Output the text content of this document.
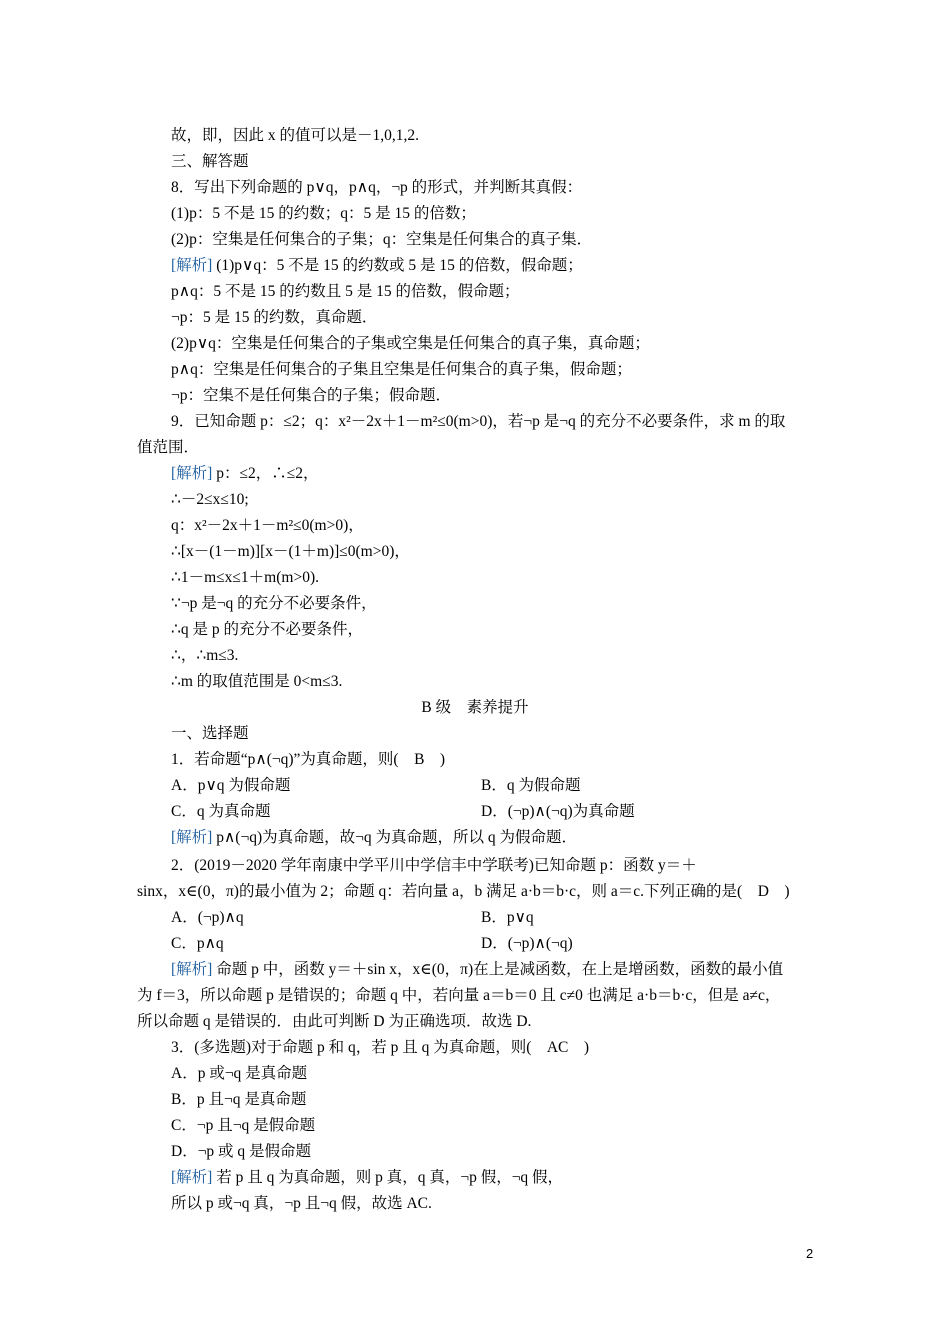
故，即，因此 x 的值可以是－1,0,1,2.
三、解答题
8．写出下列命题的 p∨q，p∧q，¬p 的形式，并判断其真假：
(1)p：5 不是 15 的约数；q：5 是 15 的倍数；
(2)p：空集是任何集合的子集；q：空集是任何集合的真子集．
[解析] (1)p∨q：5 不是 15 的约数或 5 是 15 的倍数，假命题；
p∧q：5 不是 15 的约数且 5 是 15 的倍数，假命题；
¬p：5 是 15 的约数，真命题．
(2)p∨q：空集是任何集合的子集或空集是任何集合的真子集，真命题；
p∧q：空集是任何集合的子集且空集是任何集合的真子集，假命题；
¬p：空集不是任何集合的子集；假命题．
9．已知命题 p：≤2；q：x²－2x＋1－m²≤0(m>0)，若¬p 是¬q 的充分不必要条件，求 m 的取
值范围．
[解析] p：≤2，∴≤2，
∴－2≤x≤10;
q：x²－2x＋1－m²≤0(m>0)，
∴[x－(1－m)][x－(1＋m)]≤0(m>0)，
∴1－m≤x≤1＋m(m>0).
∵¬p 是¬q 的充分不必要条件，
∴q 是 p 的充分不必要条件，
∴，∴m≤3.
∴m 的取值范围是 0<m≤3.
一、选择题
1．若命题“p∧(¬q)”为真命题，则(　B　)
A．p∨q 为假命题	B．q 为假命题
C．q 为真命题	D．(¬p)∧(¬q)为真命题
[解析] p∧(¬q)为真命题，故¬q 为真命题，所以 q 为假命题．
2．(2019－2020 学年南康中学平川中学信丰中学联考)已知命题 p：函数 y＝＋
sinx，x∈(0，π)的最小值为 2；命题 q：若向量 a，b 满足 a·b＝b·c，则 a＝c.下列正确的是(　D　)
A．(¬p)∧q	B．p∨q
C．p∧q	D．(¬p)∧(¬q)
[解析] 命题 p 中，函数 y＝＋sin x，x∈(0，π)在上是减函数，在上是增函数，函数的最小值
为 f＝3，所以命题 p 是错误的；命题 q 中，若向量 a＝b＝0 且 c≠0 也满足 a·b＝b·c，但是 a≠c，
所以命题 q 是错误的．由此可判断 D 为正确选项．故选 D.
3．(多选题)对于命题 p 和 q，若 p 且 q 为真命题，则(　AC　)
A．p 或¬q 是真命题
B．p 且¬q 是真命题
C．¬p 且¬q 是假命题
D．¬p 或 q 是假命题
[解析] 若 p 且 q 为真命题，则 p 真，q 真，¬p 假，¬q 假，
所以 p 或¬q 真，¬p 且¬q 假，故选 AC.
B 级　素养提升
2
